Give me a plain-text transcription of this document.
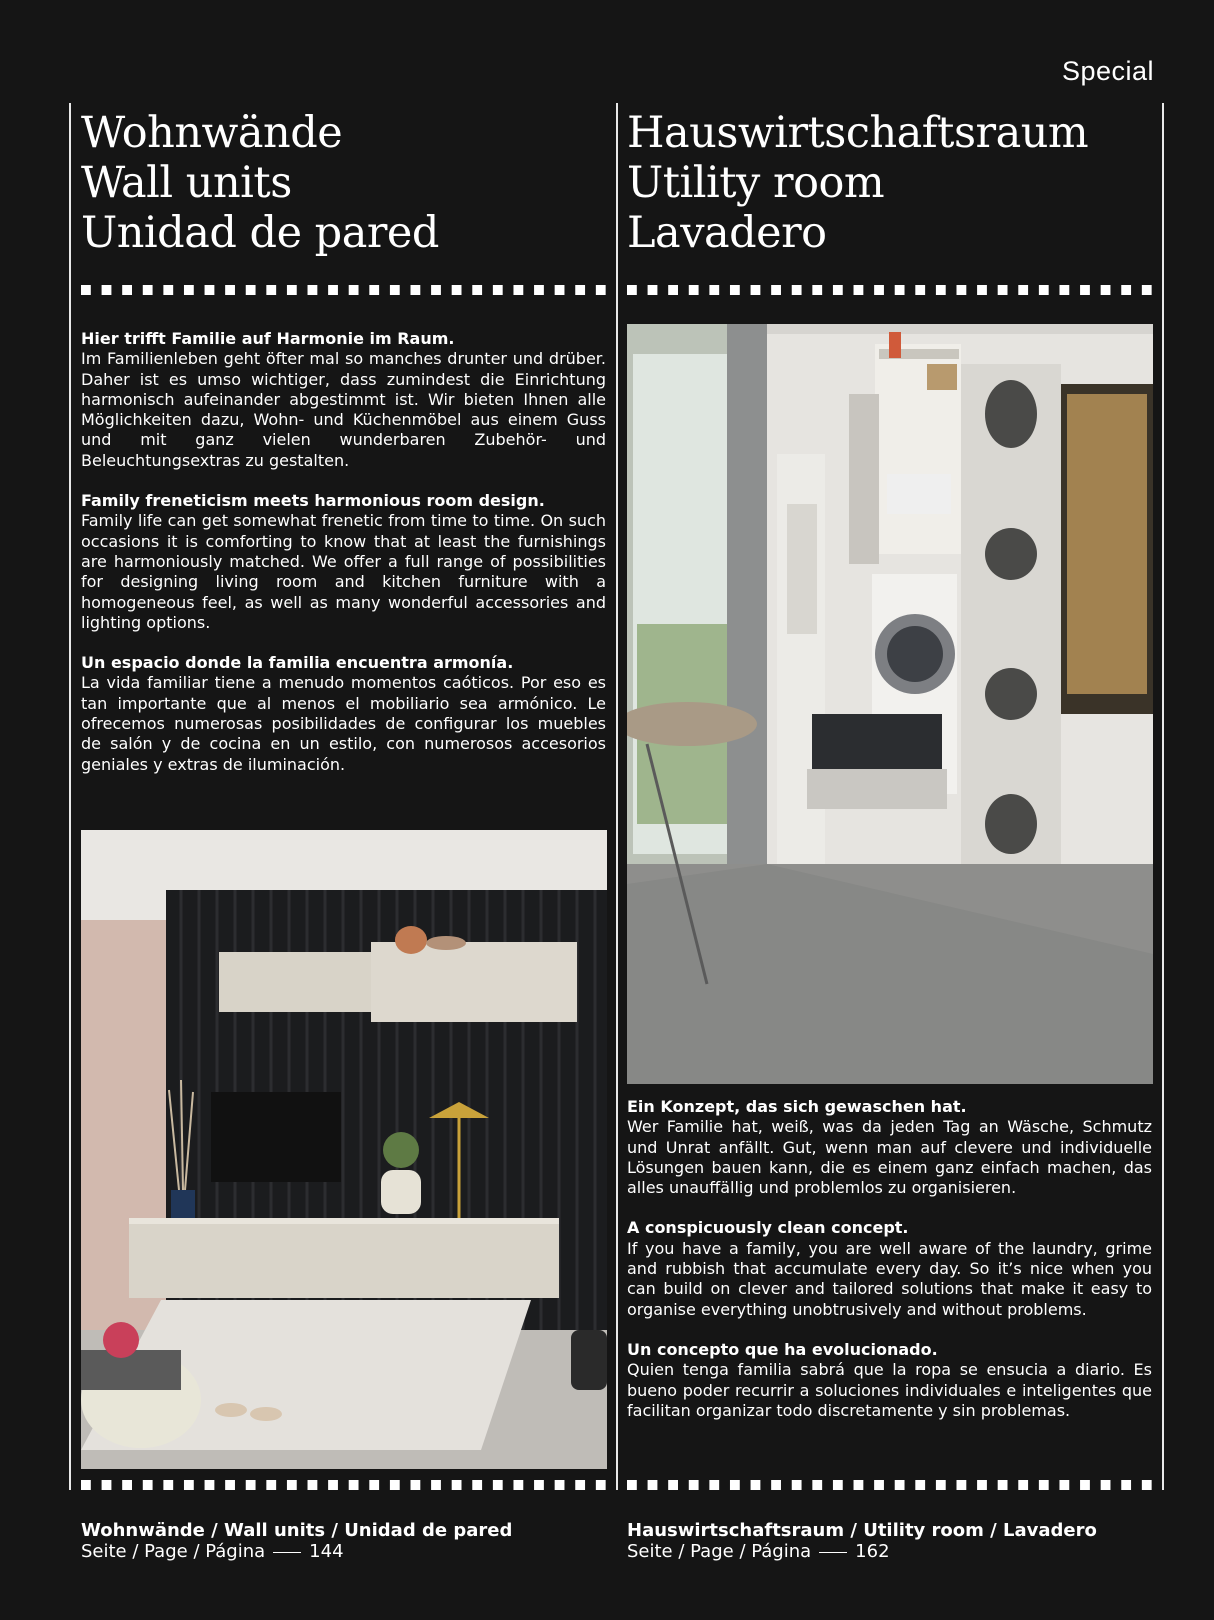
Special
Wohnwände
Wall units
Unidad de pared

Hier trifft Familie auf Harmonie im Raum.
Im Familienleben geht öfter mal so manches drunter und drüber. Daher ist es umso wichtiger, dass zumindest die Einrichtung harmonisch aufeinander abgestimmt ist. Wir bieten Ihnen alle Möglichkeiten dazu, Wohn- und Küchenmöbel aus einem Guss und mit ganz vielen wunderbaren Zubehör- und Beleuchtungsextras zu gestalten.

Family freneticism meets harmonious room design.
Family life can get somewhat frenetic from time to time. On such occasions it is comforting to know that at least the furnishings are harmoniously matched. We offer a full range of possibilities for designing living room and kitchen furniture with a homogeneous feel, as well as many wonderful accessories and lighting options.

Un espacio donde la familia encuentra armonía.
La vida familiar tiene a menudo momentos caóticos. Por eso es tan importante que al menos el mobiliario sea armónico. Le ofrecemos numerosas posibilidades de configurar los muebles de salón y de cocina en un estilo, con numerosos accesorios geniales y extras de iluminación.

Wohnwände / Wall units / Unidad de pared
Seite / Page / Página 144
Hauswirtschaftsraum
Utility room
Lavadero

Ein Konzept, das sich gewaschen hat.
Wer Familie hat, weiß, was da jeden Tag an Wäsche, Schmutz und Unrat anfällt. Gut, wenn man auf clevere und individuelle Lösungen bauen kann, die es einem ganz einfach machen, das alles unauffällig und problemlos zu organisieren.

A conspicuously clean concept.
If you have a family, you are well aware of the laundry, grime and rubbish that accumulate every day. So it’s nice when you can build on clever and tailored solutions that make it easy to organise everything unobtrusively and without problems.

Un concepto que ha evolucionado.
Quien tenga familia sabrá que la ropa se ensucia a diario. Es bueno poder recurrir a soluciones individuales e inteligentes que facilitan organizar todo discretamente y sin problemas.

Hauswirtschaftsraum / Utility room / Lavadero
Seite / Page / Página 162
